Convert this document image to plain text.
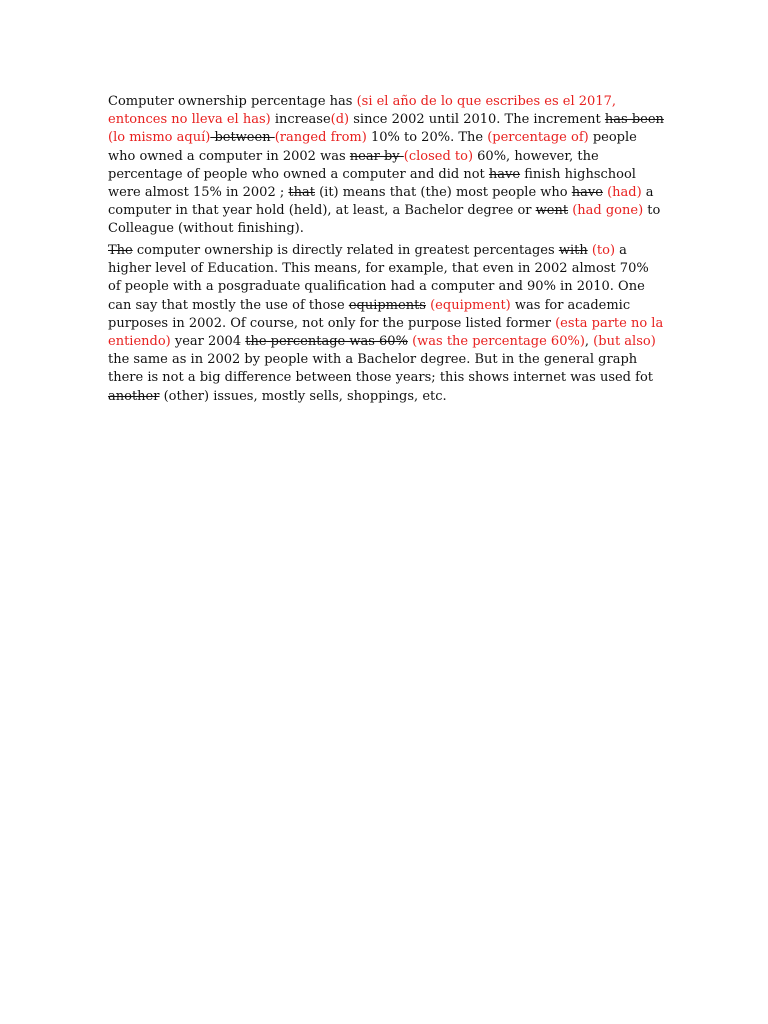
Computer ownership percentage has (si el año de lo que escribes es el 2017, entonces no lleva el has) increase(d) since 2002 until 2010. The increment has been (lo mismo aquí) between (ranged from) 10% to 20%. The (percentage of) people who owned a computer in 2002 was near by (closed to) 60%, however, the percentage of people who owned a computer and did not have finish highschool were almost 15% in 2002 ; that (it) means that (the) most people who have (had) a computer in that year hold (held), at least, a Bachelor degree or went (had gone) to Colleague (without finishing).

The computer ownership is directly related in greatest percentages with (to) a higher level of Education. This means, for example, that even in 2002 almost 70% of people with a posgraduate qualification had a computer and 90% in 2010. One can say that mostly the use of those equipments (equipment) was for academic purposes in 2002. Of course, not only for the purpose listed former (esta parte no la entiendo) year 2004 the percentage was 60% (was the percentage 60%), (but also) the same as in 2002 by people with a Bachelor degree. But in the general graph there is not a big difference between those years; this shows internet was used fot another (other) issues, mostly sells, shoppings, etc.
